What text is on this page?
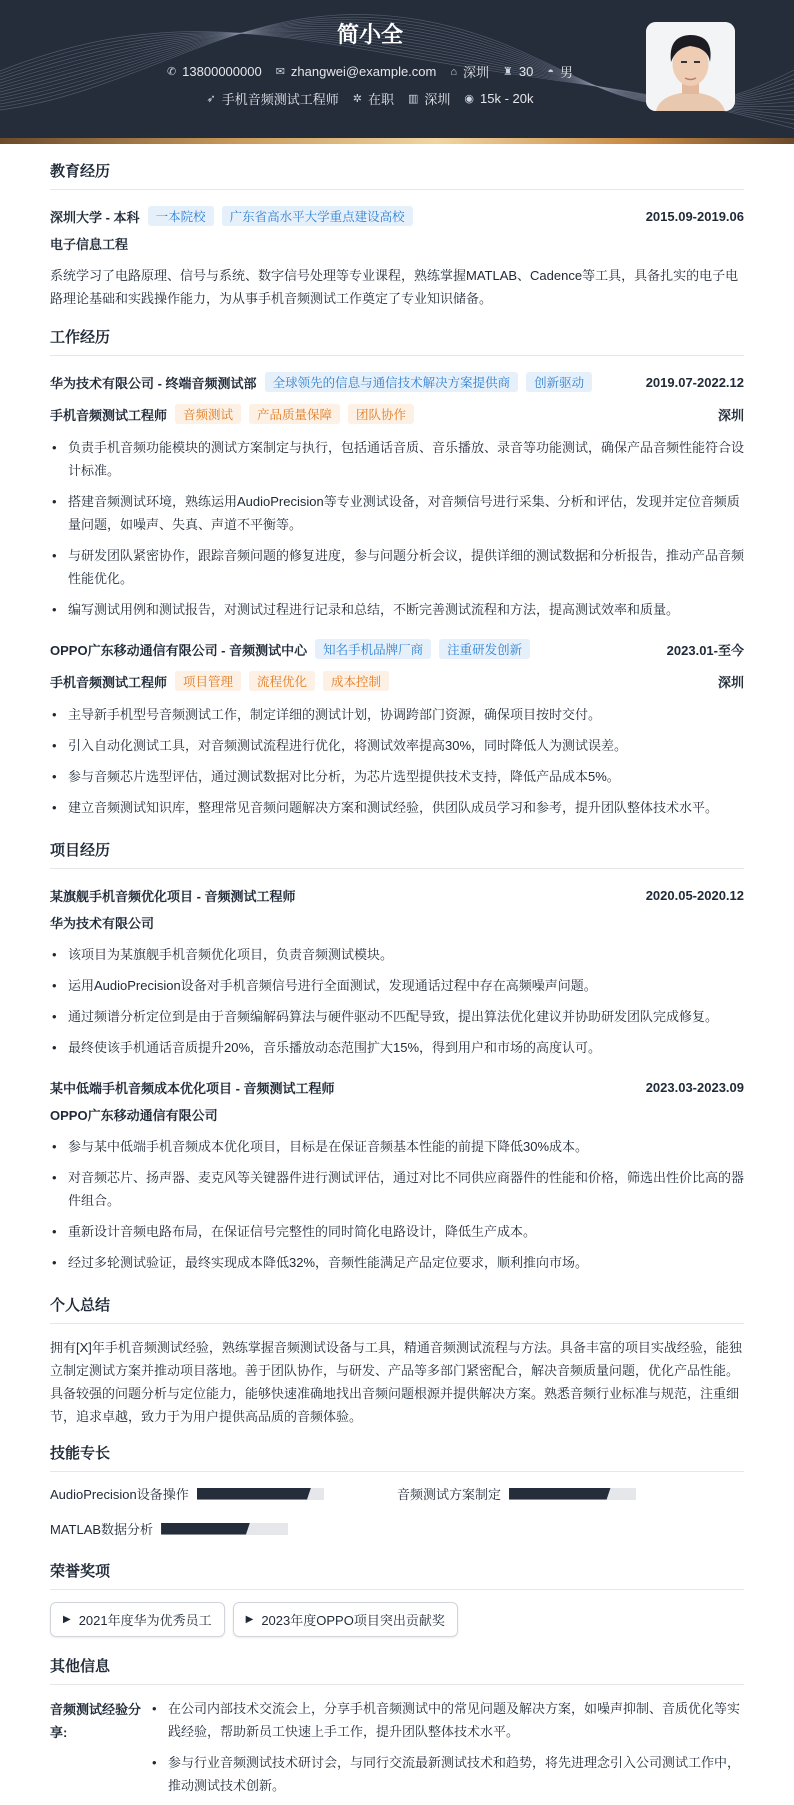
简小全
✆ 13800000000 ✉ zhangwei@example.com ⌂ 深圳 ♜ 30 ◓ 男
➶ 手机音频测试工程师 ✲ 在职 ▥ 深圳 ◉ 15k - 20k
教育经历
深圳大学 - 本科	一本院校	广东省高水平大学重点建设高校	2015.09-2019.06
电子信息工程
系统学习了电路原理、信号与系统、数字信号处理等专业课程，熟练掌握MATLAB、Cadence等工具，具备扎实的电子电路理论基础和实践操作能力，为从事手机音频测试工作奠定了专业知识储备。
工作经历
华为技术有限公司 - 终端音频测试部	全球领先的信息与通信技术解决方案提供商	创新驱动	2019.07-2022.12
手机音频测试工程师	音频测试	产品质量保障	团队协作	深圳
• 负责手机音频功能模块的测试方案制定与执行，包括通话音质、音乐播放、录音等功能测试，确保产品音频性能符合设计标准。
• 搭建音频测试环境，熟练运用AudioPrecision等专业测试设备，对音频信号进行采集、分析和评估，发现并定位音频质量问题，如噪声、失真、声道不平衡等。
• 与研发团队紧密协作，跟踪音频问题的修复进度，参与问题分析会议，提供详细的测试数据和分析报告，推动产品音频性能优化。
• 编写测试用例和测试报告，对测试过程进行记录和总结，不断完善测试流程和方法，提高测试效率和质量。
OPPO广东移动通信有限公司 - 音频测试中心	知名手机品牌厂商	注重研发创新	2023.01-至今
手机音频测试工程师	项目管理	流程优化	成本控制	深圳
• 主导新手机型号音频测试工作，制定详细的测试计划，协调跨部门资源，确保项目按时交付。
• 引入自动化测试工具，对音频测试流程进行优化，将测试效率提高30%，同时降低人为测试误差。
• 参与音频芯片选型评估，通过测试数据对比分析，为芯片选型提供技术支持，降低产品成本5%。
• 建立音频测试知识库，整理常见音频问题解决方案和测试经验，供团队成员学习和参考，提升团队整体技术水平。
项目经历
某旗舰手机音频优化项目 - 音频测试工程师	2020.05-2020.12
华为技术有限公司
• 该项目为某旗舰手机音频优化项目，负责音频测试模块。
• 运用AudioPrecision设备对手机音频信号进行全面测试，发现通话过程中存在高频噪声问题。
• 通过频谱分析定位到是由于音频编解码算法与硬件驱动不匹配导致，提出算法优化建议并协助研发团队完成修复。
• 最终使该手机通话音质提升20%，音乐播放动态范围扩大15%，得到用户和市场的高度认可。
某中低端手机音频成本优化项目 - 音频测试工程师	2023.03-2023.09
OPPO广东移动通信有限公司
• 参与某中低端手机音频成本优化项目，目标是在保证音频基本性能的前提下降低30%成本。
• 对音频芯片、扬声器、麦克风等关键器件进行测试评估，通过对比不同供应商器件的性能和价格，筛选出性价比高的器件组合。
• 重新设计音频电路布局，在保证信号完整性的同时简化电路设计，降低生产成本。
• 经过多轮测试验证，最终实现成本降低32%，音频性能满足产品定位要求，顺利推向市场。
个人总结
拥有[X]年手机音频测试经验，熟练掌握音频测试设备与工具，精通音频测试流程与方法。具备丰富的项目实战经验，能独立制定测试方案并推动项目落地。善于团队协作，与研发、产品等多部门紧密配合，解决音频质量问题，优化产品性能。具备较强的问题分析与定位能力，能够快速准确地找出音频问题根源并提供解决方案。熟悉音频行业标准与规范，注重细节，追求卓越，致力于为用户提供高品质的音频体验。
技能专长
AudioPrecision设备操作	音频测试方案制定
MATLAB数据分析
荣誉奖项
▶ 2021年度华为优秀员工	▶ 2023年度OPPO项目突出贡献奖
其他信息
音频测试经验分享:
• 在公司内部技术交流会上，分享手机音频测试中的常见问题及解决方案，如噪声抑制、音质优化等实践经验，帮助新员工快速上手工作，提升团队整体技术水平。
• 参与行业音频测试技术研讨会，与同行交流最新测试技术和趋势，将先进理念引入公司测试工作中，推动测试技术创新。
